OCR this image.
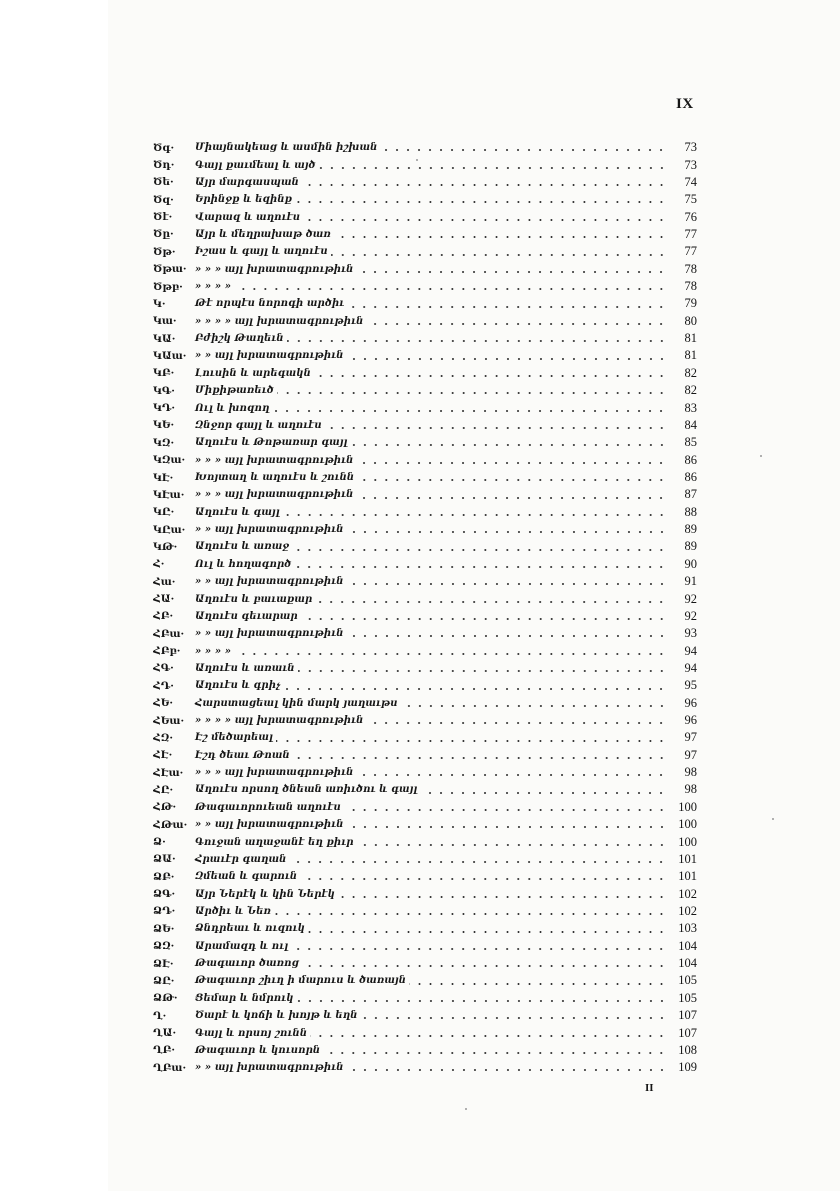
IX
Ծգ·	Միայնակեաց և ասմին իշխան	73
Ծդ·	Գայլ քաւմեալ և այծ	73
Ծե·	Այր մարգասպան	74
Ծզ·	Երինջք և եզինք	75
Ծէ·	Վարազ և աղուէս	76
Ծը·	Այր և մեղրախաթ ծառ	77
Ծթ·	Իշաս և գայլ և աղուէս	77
Ծթա· » » » այլ խրատագրութիւն	78
Ծթբ·	» » » »	78
Կ·	Թէ որպէս նորոգի արծիւ	79
Կա·	» » » » այլ խրատագրութիւն	80
ԿԱ·	Բժիշկ Թաղեւն	81
ԿԱա· » » այլ խրատագրութիւն	81
ԿԲ·	Լուսին և արեգակն	82
ԿԳ·	Միքիթառեւծ	82
ԿԴ·	Ուլ և խոզող	83
ԿԵ·	Զնջոր գայլ և աղուէս	84
ԿԶ·	Աղուէս և Թոթառար գայլ	85
ԿԶա· » » » այլ խրատագրութիւն	86
ԿԷ·	Խոյտաղ և աղուէս և շունն	86
ԿԷա·	» » » այլ խրատագրութիւն	87
ԿԸ·	Աղուէս և գայլ	88
ԿԸա· » » այլ խրատագրութիւն	89
ԿԹ·	Աղուէս և առաջ	89
Հ·	Ուլ և հողագործ	90
Հա·	» » այլ խրատագրութիւն	91
ՀԱ·	Աղուէս և բաւաքար	92
ՀԲ·	Աղուէս գեւարար	92
ՀԲա·	» » այլ խրատագրութիւն	93
ՀԲբ·	» » » »	94
ՀԳ·	Աղուէս և առաւն	94
ՀԴ·	Աղուէս և գրիչ	95
ՀԵ·	Հարստացեալ կին մարկ յաղաւթս	96
ՀԵա·	» » » » այլ խրատագրութիւն	96
ՀԶ·	Էշ մեծարեալ	97
ՀԷ·	Էշդ ծեաւ Թոան	97
ՀԷա·	» » » այլ խրատագրութիւն	98
ՀԸ·	Աղուէս որսող ծնեան առիւծու և գայլ	98
ՀԹ·	Թագաւորուեան աղուէս	100
ՀԹա· » » այլ խրատագրութիւն	100
Ձ·	Գուջան աղաջանէ եղ քիւր	100
ՁԱ·	Հրաւէր գաղան	101
ՁԲ·	Զմեան և գարուն	101
ՁԳ·	Այր Ներէկ և կին Ներէկ	102
ՁԴ·	Արծիւ և Նեռ	102
ՁԵ·	Ձնդրեաւ և ուզուկ	103
ՁԶ·	Արամազդ և ուլ	104
ՁԷ·	Թագաւոր ծառոց	104
ՁԸ·	Թագաւոր շիւղ ի մարուս և ծառայն	105
ՁԹ·	Ցեմար և նմրուկ	105
Ղ·	Ծարէ և կոճի և խոյթ և եղն	107
ՂԱ·	Գայլ և որսոյ շունն	107
ՂԲ·	Թագաւոր և կուսորն	108
ՂԲա· » » այլ խրատագրութիւն	109
II
